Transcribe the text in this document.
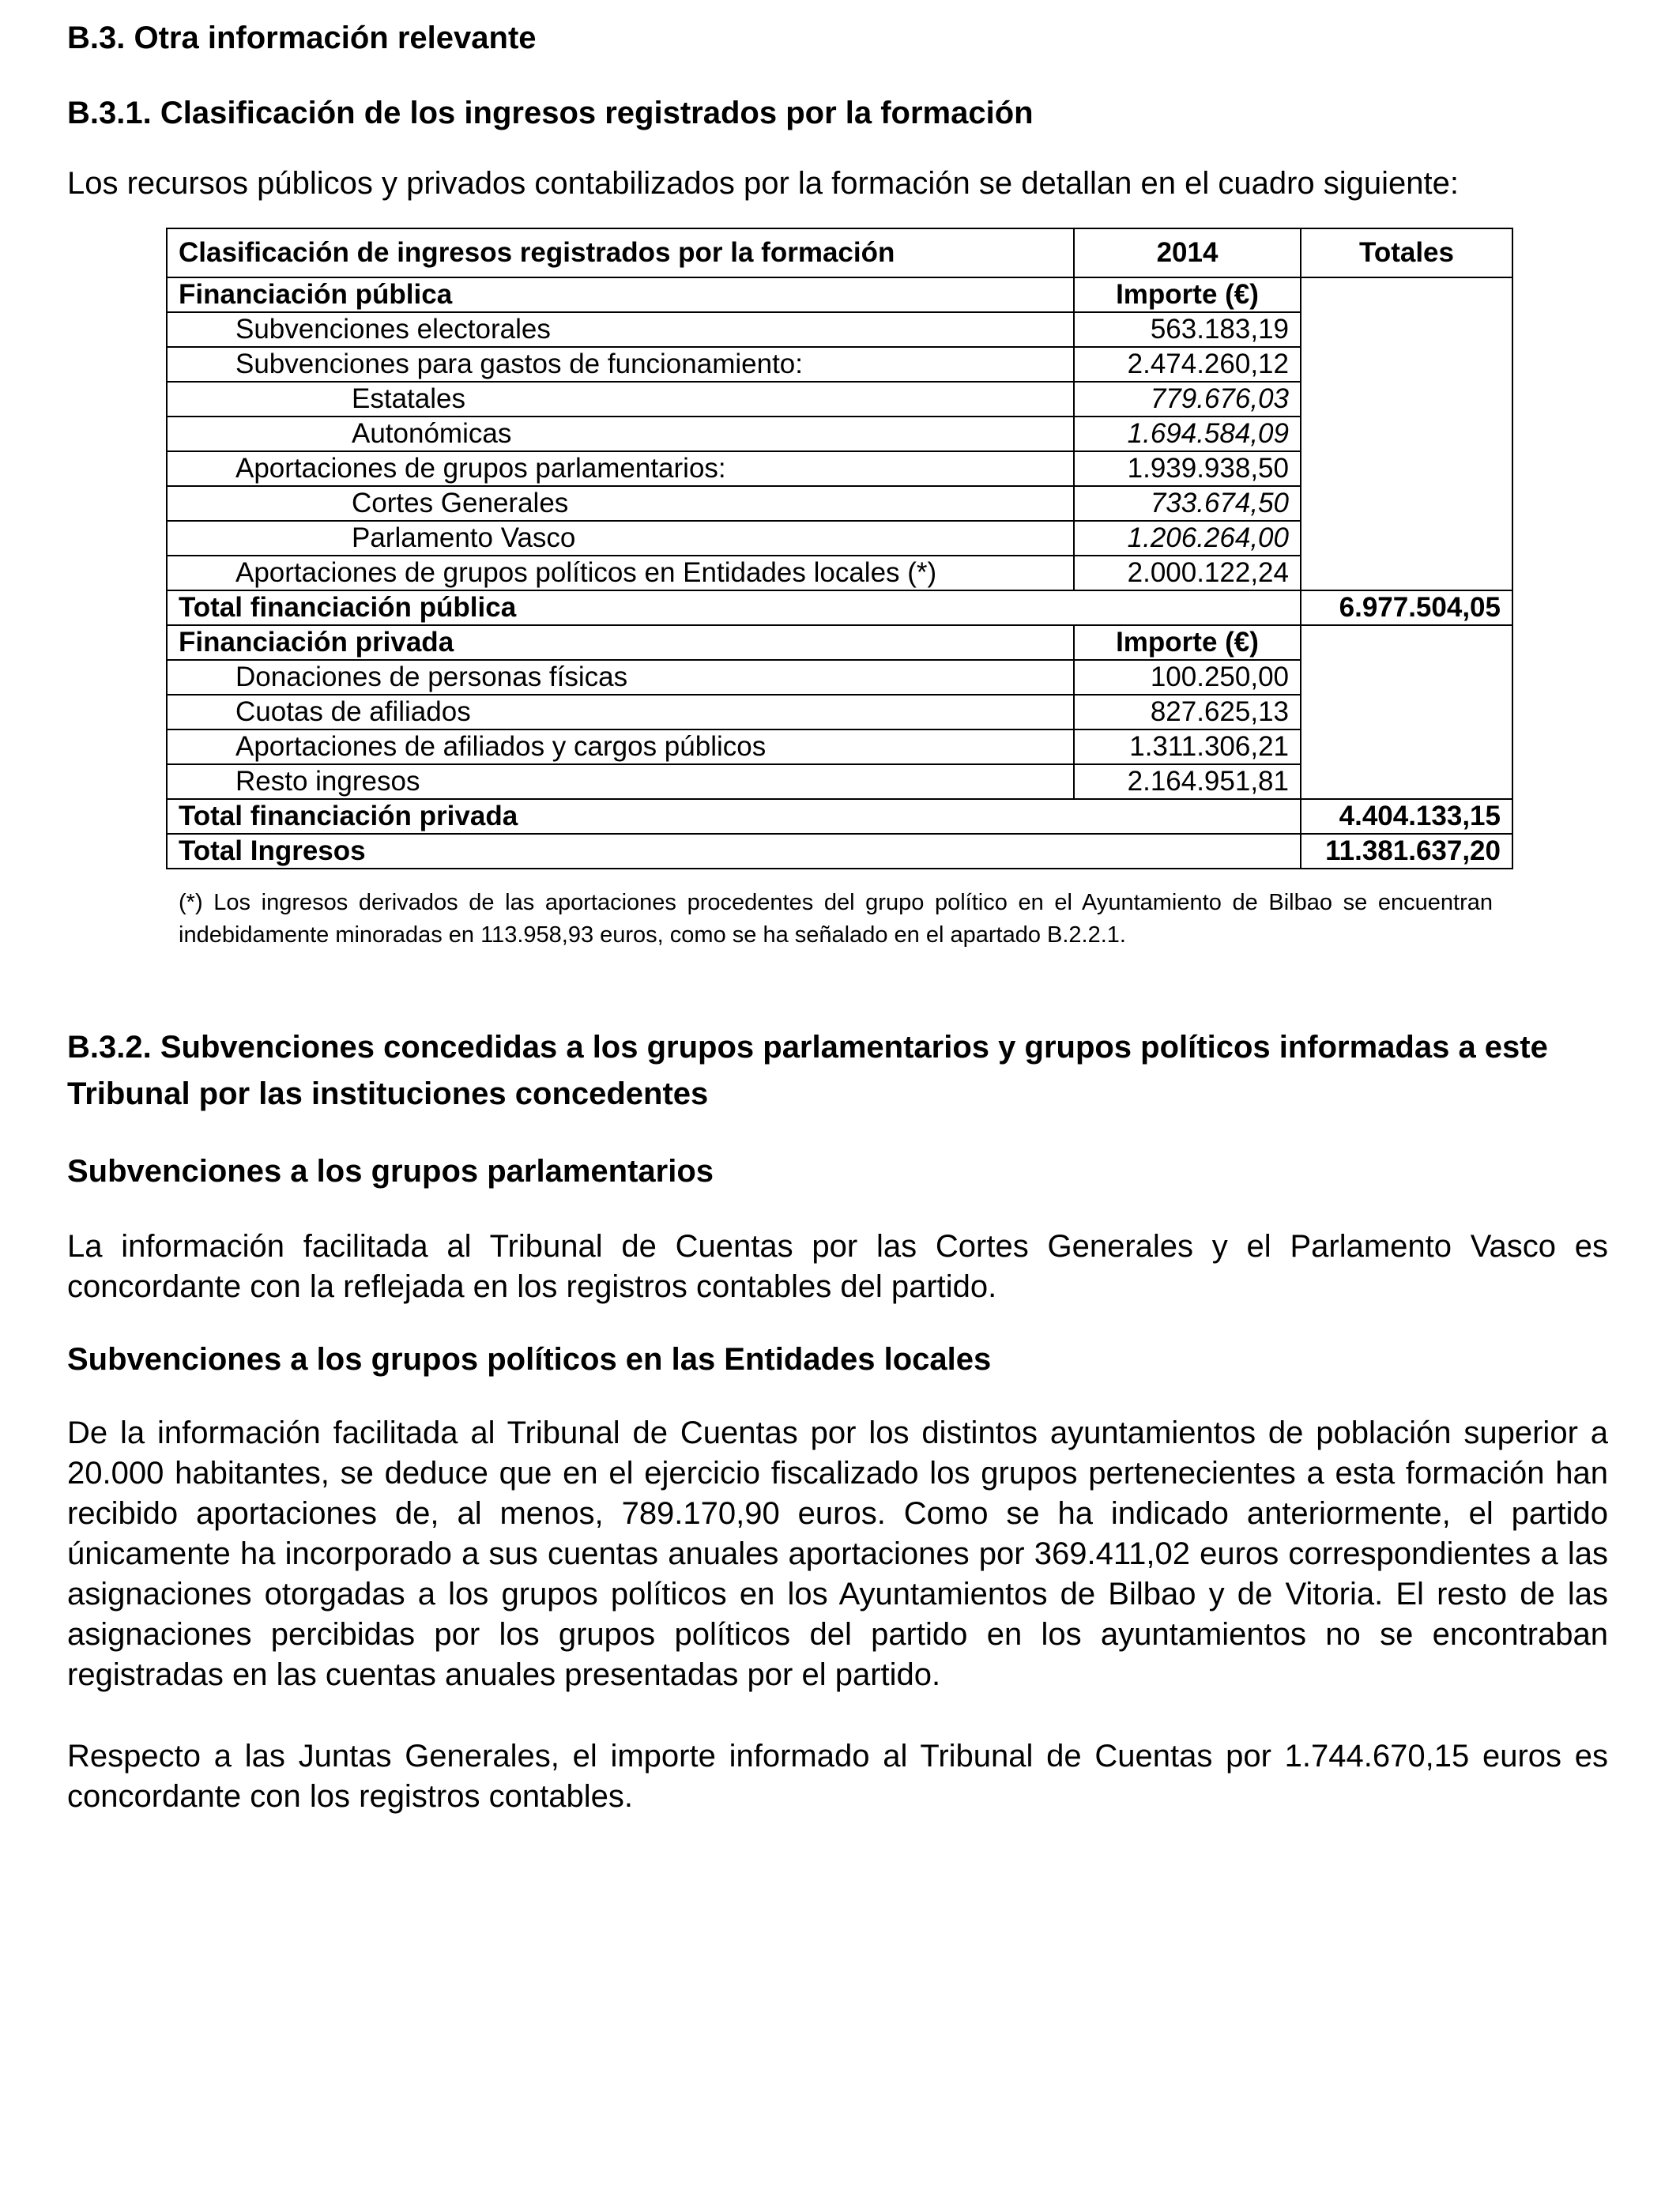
B.3. Otra información relevante
B.3.1. Clasificación de los ingresos registrados por la formación

Los recursos públicos y privados contabilizados por la formación se detallan en el cuadro siguiente:

Clasificación de ingresos registrados por la formación	2014	Totales
Financiación pública	Importe (€)	
Subvenciones electorales	563.183,19	
Subvenciones para gastos de funcionamiento:	2.474.260,12	
Estatales	779.676,03	
Autonómicas	1.694.584,09	
Aportaciones de grupos parlamentarios:	1.939.938,50	
Cortes Generales	733.674,50	
Parlamento Vasco	1.206.264,00	
Aportaciones de grupos políticos en Entidades locales (*)	2.000.122,24	
Total financiación pública		6.977.504,05
Financiación privada	Importe (€)	
Donaciones de personas físicas	100.250,00	
Cuotas de afiliados	827.625,13	
Aportaciones de afiliados y cargos públicos	1.311.306,21	
Resto ingresos	2.164.951,81	
Total financiación privada		4.404.133,15
Total Ingresos		11.381.637,20
(*) Los ingresos derivados de las aportaciones procedentes del grupo político en el Ayuntamiento de Bilbao se encuentran indebidamente minoradas en 113.958,93 euros, como se ha señalado en el apartado B.2.2.1.
B.3.2. Subvenciones concedidas a los grupos parlamentarios y grupos políticos informadas a este Tribunal por las instituciones concedentes
Subvenciones a los grupos parlamentarios

La información facilitada al Tribunal de Cuentas por las Cortes Generales y el Parlamento Vasco es concordante con la reflejada en los registros contables del partido.

Subvenciones a los grupos políticos en las Entidades locales

De la información facilitada al Tribunal de Cuentas por los distintos ayuntamientos de población superior a 20.000 habitantes, se deduce que en el ejercicio fiscalizado los grupos pertenecientes a esta formación han recibido aportaciones de, al menos, 789.170,90 euros. Como se ha indicado anteriormente, el partido únicamente ha incorporado a sus cuentas anuales aportaciones por 369.411,02 euros correspondientes a las asignaciones otorgadas a los grupos políticos en los Ayuntamientos de Bilbao y de Vitoria. El resto de las asignaciones percibidas por los grupos políticos del partido en los ayuntamientos no se encontraban registradas en las cuentas anuales presentadas por el partido.

Respecto a las Juntas Generales, el importe informado al Tribunal de Cuentas por 1.744.670,15 euros es concordante con los registros contables.
